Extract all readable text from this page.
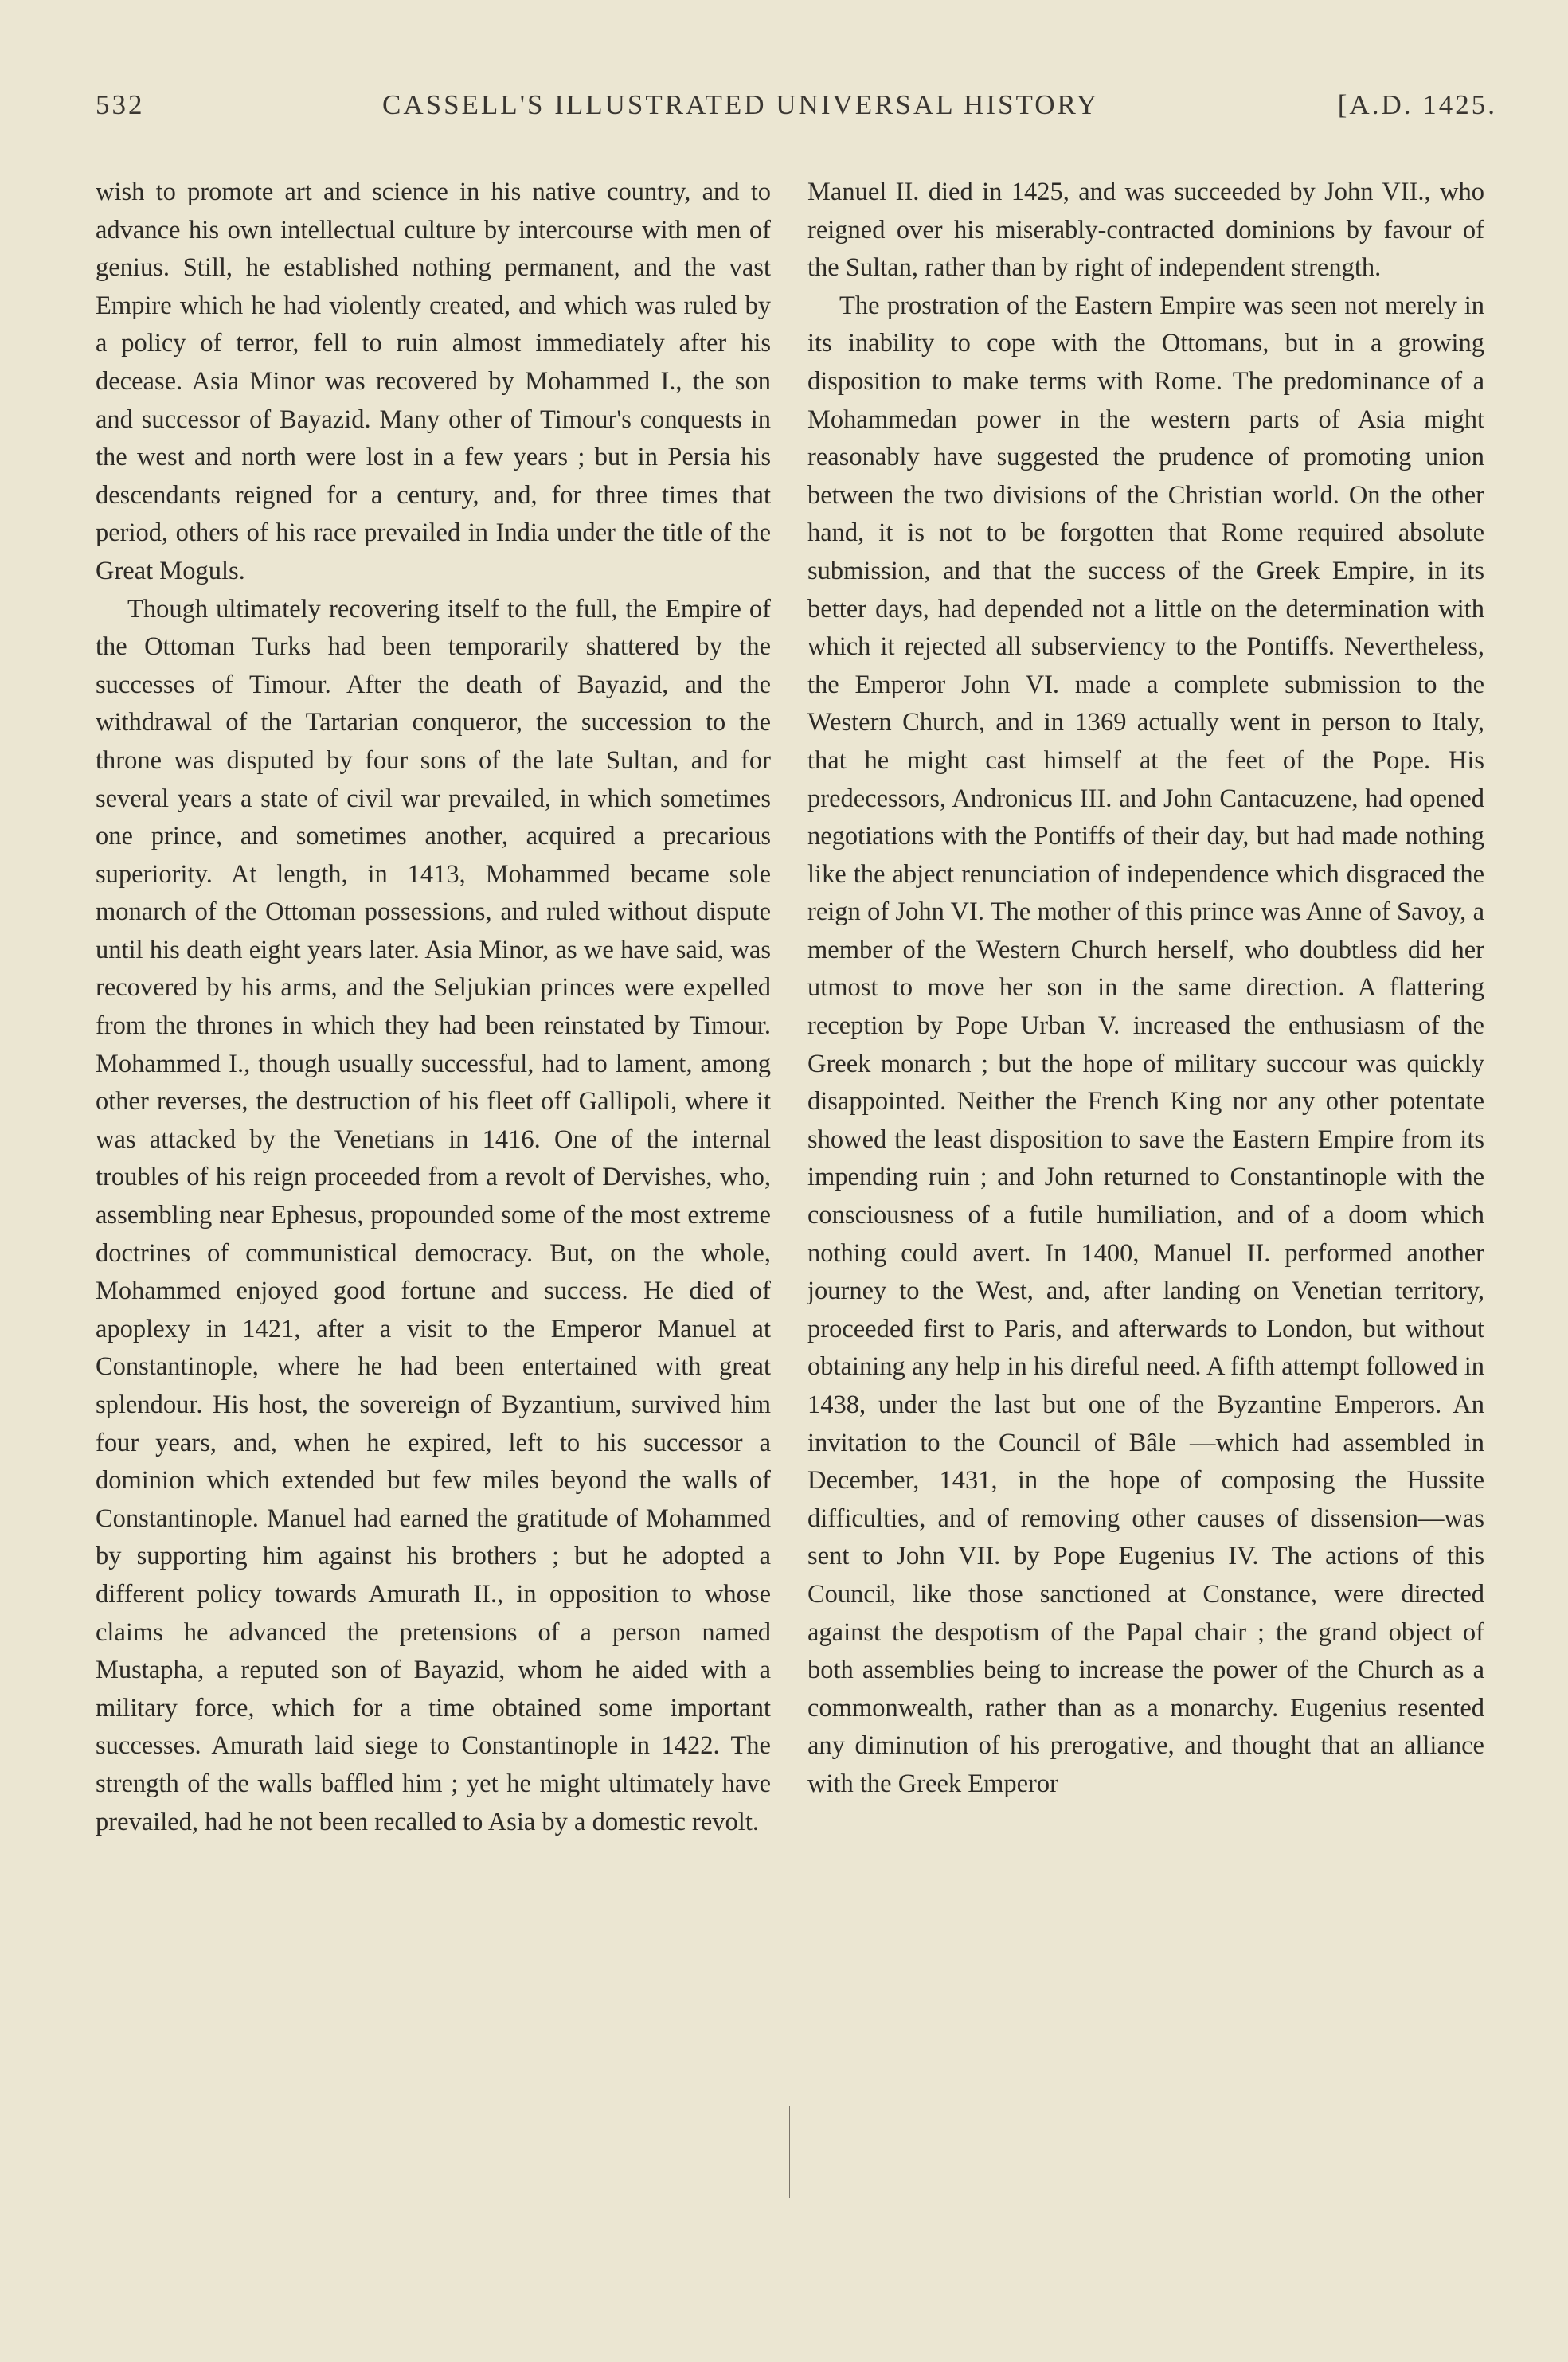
532	CASSELL'S ILLUSTRATED UNIVERSAL HISTORY	[A.D. 1425.

wish to promote art and science in his native country, and to advance his own intellectual culture by intercourse with men of genius. Still, he established nothing permanent, and the vast Empire which he had violently created, and which was ruled by a policy of terror, fell to ruin almost immediately after his decease. Asia Minor was recovered by Mohammed I., the son and successor of Bayazid. Many other of Timour's conquests in the west and north were lost in a few years ; but in Persia his descendants reigned for a century, and, for three times that period, others of his race prevailed in India under the title of the Great Moguls.

Though ultimately recovering itself to the full, the Empire of the Ottoman Turks had been temporarily shattered by the successes of Timour. After the death of Bayazid, and the withdrawal of the Tartarian conqueror, the succession to the throne was disputed by four sons of the late Sultan, and for several years a state of civil war prevailed, in which sometimes one prince, and sometimes another, acquired a precarious superiority. At length, in 1413, Mohammed became sole monarch of the Ottoman possessions, and ruled without dispute until his death eight years later. Asia Minor, as we have said, was recovered by his arms, and the Seljukian princes were expelled from the thrones in which they had been reinstated by Timour. Mohammed I., though usually successful, had to lament, among other reverses, the destruction of his fleet off Gallipoli, where it was attacked by the Venetians in 1416. One of the internal troubles of his reign proceeded from a revolt of Dervishes, who, assembling near Ephesus, propounded some of the most extreme doctrines of communistical democracy. But, on the whole, Mohammed enjoyed good fortune and success. He died of apoplexy in 1421, after a visit to the Emperor Manuel at Constantinople, where he had been entertained with great splendour. His host, the sovereign of Byzantium, survived him four years, and, when he expired, left to his successor a dominion which extended but few miles beyond the walls of Constantinople. Manuel had earned the gratitude of Mohammed by supporting him against his brothers ; but he adopted a different policy towards Amurath II., in opposition to whose claims he advanced the pretensions of a person named Mustapha, a reputed son of Bayazid, whom he aided with a military force, which for a time obtained some important successes. Amurath laid siege to Constantinople in 1422. The strength of the walls baffled him ; yet he might ultimately have prevailed, had he not been recalled to Asia by a domestic revolt.

Manuel II. died in 1425, and was succeeded by John VII., who reigned over his miserably-contracted dominions by favour of the Sultan, rather than by right of independent strength.

The prostration of the Eastern Empire was seen not merely in its inability to cope with the Ottomans, but in a growing disposition to make terms with Rome. The predominance of a Mohammedan power in the western parts of Asia might reasonably have suggested the prudence of promoting union between the two divisions of the Christian world. On the other hand, it is not to be forgotten that Rome required absolute submission, and that the success of the Greek Empire, in its better days, had depended not a little on the determination with which it rejected all subserviency to the Pontiffs. Nevertheless, the Emperor John VI. made a complete submission to the Western Church, and in 1369 actually went in person to Italy, that he might cast himself at the feet of the Pope. His predecessors, Andronicus III. and John Cantacuzene, had opened negotiations with the Pontiffs of their day, but had made nothing like the abject renunciation of independence which disgraced the reign of John VI. The mother of this prince was Anne of Savoy, a member of the Western Church herself, who doubtless did her utmost to move her son in the same direction. A flattering reception by Pope Urban V. increased the enthusiasm of the Greek monarch ; but the hope of military succour was quickly disappointed. Neither the French King nor any other potentate showed the least disposition to save the Eastern Empire from its impending ruin ; and John returned to Constantinople with the consciousness of a futile humiliation, and of a doom which nothing could avert. In 1400, Manuel II. performed another journey to the West, and, after landing on Venetian territory, proceeded first to Paris, and afterwards to London, but without obtaining any help in his direful need. A fifth attempt followed in 1438, under the last but one of the Byzantine Emperors. An invitation to the Council of Bâle —which had assembled in December, 1431, in the hope of composing the Hussite difficulties, and of removing other causes of dissension—was sent to John VII. by Pope Eugenius IV. The actions of this Council, like those sanctioned at Constance, were directed against the despotism of the Papal chair ; the grand object of both assemblies being to increase the power of the Church as a commonwealth, rather than as a monarchy. Eugenius resented any diminution of his prerogative, and thought that an alliance with the Greek Emperor
